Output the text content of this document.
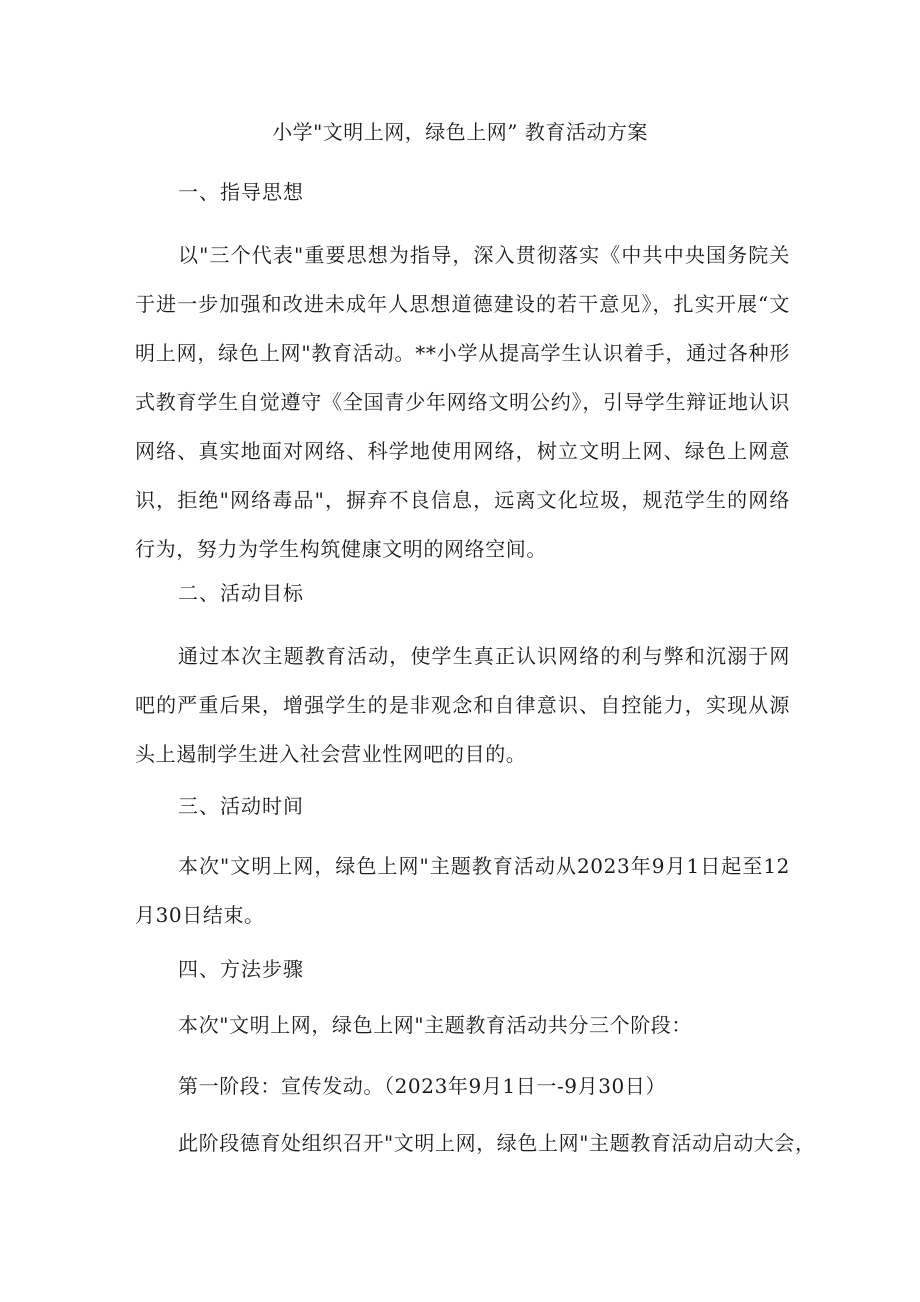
小学"文明上网，绿色上网” 教育活动方案
一、指导思想
以"三个代表"重要思想为指导，深入贯彻落实《中共中央国务院关于进一步加强和改进未成年人思想道德建设的若干意见》，扎实开展“文明上网，绿色上网"教育活动。**小学从提高学生认识着手，通过各种形式教育学生自觉遵守《全国青少年网络文明公约》，引导学生辩证地认识网络、真实地面对网络、科学地使用网络，树立文明上网、绿色上网意识，拒绝"网络毒品"，摒弃不良信息，远离文化垃圾，规范学生的网络行为，努力为学生构筑健康文明的网络空间。
二、活动目标
通过本次主题教育活动，使学生真正认识网络的利与弊和沉溺于网吧的严重后果，增强学生的是非观念和自律意识、自控能力，实现从源头上遏制学生进入社会营业性网吧的目的。
三、活动时间
本次"文明上网，绿色上网"主题教育活动从2023年9月1日起至12月30日结束。
四、方法步骤
本次"文明上网，绿色上网"主题教育活动共分三个阶段：
第一阶段：宣传发动。（2023年9月1日一-9月30日）
此阶段德育处组织召开"文明上网，绿色上网"主题教育活动启动大会，
